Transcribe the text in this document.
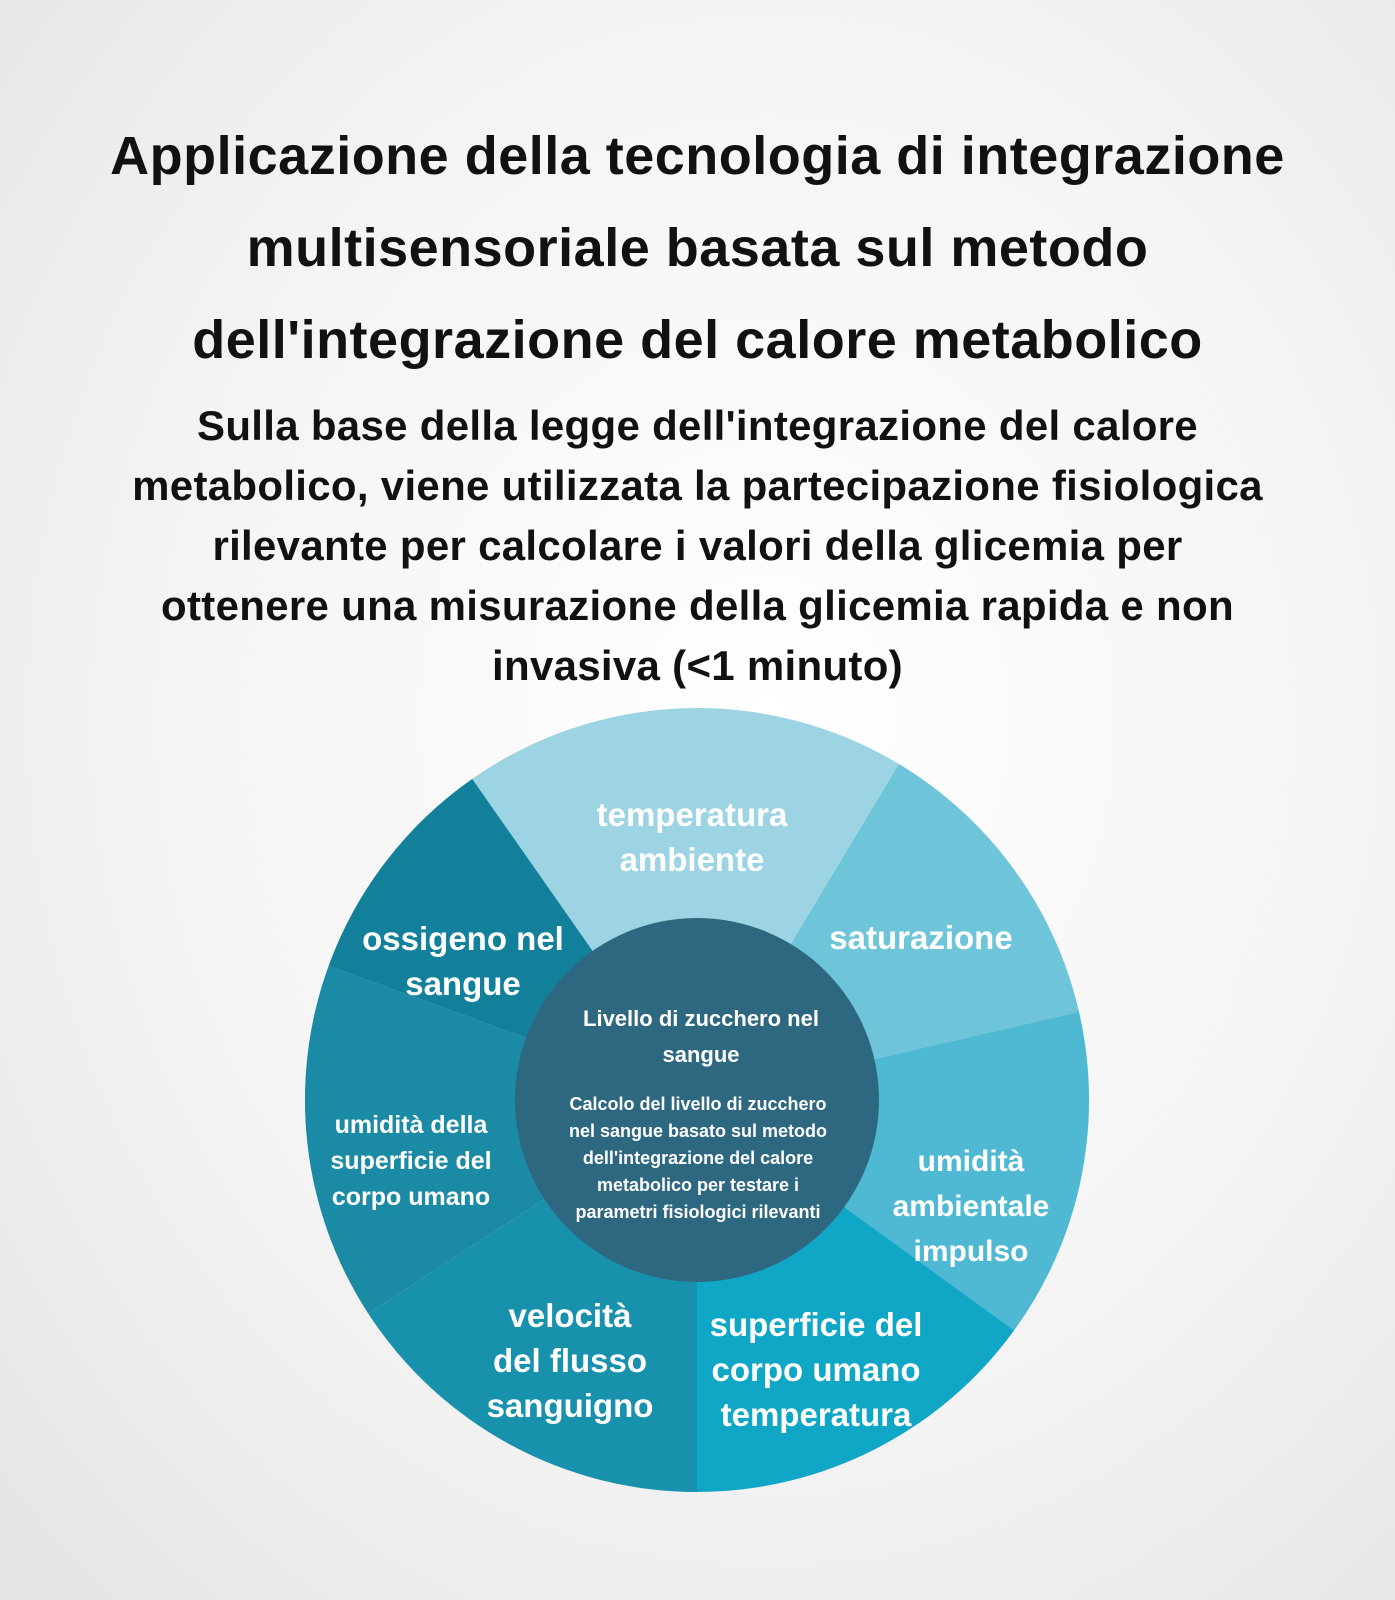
Applicazione della tecnologia di integrazione
multisensoriale basata sul metodo
dell'integrazione del calore metabolico

Sulla base della legge dell'integrazione del calore
metabolico, viene utilizzata la partecipazione fisiologica
rilevante per calcolare i valori della glicemia per
ottenere una misurazione della glicemia rapida e non
invasiva (<1 minuto)

Livello di zucchero nel
sangue
Calcolo del livello di zucchero
nel sangue basato sul metodo
dell'integrazione del calore
metabolico per testare i
parametri fisiologici rilevanti
temperatura ambiente
saturazione
umidità ambientale impulso
superficie del corpo umano temperatura
velocità del flusso sanguigno
umidità della superficie del corpo umano
ossigeno nel sangue
